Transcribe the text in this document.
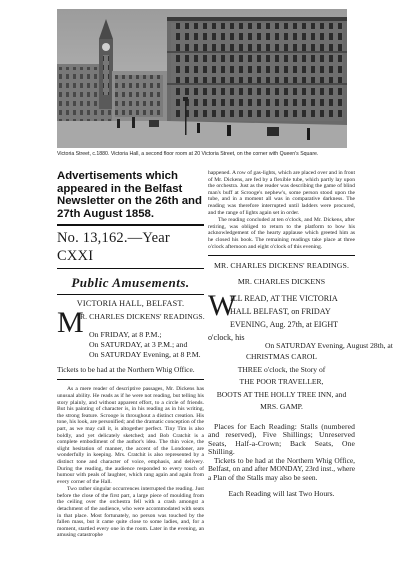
Victoria Street, c.1880. Victoria Hall, a second floor room at 20 Victoria Street, on the corner with Queen's Square.

Advertisements which appeared in the Belfast Newsletter on the 26th and 27th August 1858.

No. 13,162.—Year CXXI
Public Amusements.
VICTORIA HALL, BELFAST.
M
R. CHARLES DICKENS' READINGS.
On FRIDAY, at 8 P.M.;
On SATURDAY, at 3 P.M.; and
On SATURDAY Evening, at 8 P.M.
Tickets to be had at the Northern Whig Office.

As a mere reader of descriptive passages, Mr. Dickens has unusual ability. He reads as if he were not reading, but telling his story plainly, and without apparent effort, to a circle of friends. But his painting of character is, in his reading as in his writing, the strong feature. Scrooge is throughout a distinct creation. His tone, his look, are personified; and the dramatic conception of the part, as we may call it, is altogether perfect. Tiny Tim is also boldly, and yet delicately sketched; and Bob Cratchit is a complete embodiment of the author's idea. The thin voice, the slight hesitation of manner, the accent of the Londoner, are wonderfully in keeping. Mrs. Cratchit is also represented by a distinct tone and character of voice, emphasis, and delivery. During the reading, the audience responded to every touch of humour with peals of laughter, which rang again and again from every corner of the Hall.

Two rather singular occurrences interrupted the reading. Just before the close of the first part, a large piece of moulding from the ceiling over the orchestra fell with a crash amongst a detachment of the audience, who were accommodated with seats in that place. Most fortunately, no person was touched by the fallen mass, but it came quite close to some ladies, and, for a moment, startled every one in the room. Later in the evening, an amusing catastrophe

happened. A row of gas-lights, which are placed over and in front of Mr. Dickens, are fed by a flexible tube, which partly lay upon the orchestra. Just as the reader was describing the game of blind man's buff at Scrooge's nephew's, some person stood upon the tube, and in a moment all was in comparative darkness. The reading was therefore interrupted until ladders were procured, and the range of lights again set in order.

The reading concluded at ten o'clock, and Mr. Dickens, after retiring, was obliged to return to the platform to bow his acknowledgement of the hearty applause which greeted him as he closed his book. The remaining readings take place at three o'clock afternoon and eight o'clock of this evening.

MR. CHARLES DICKENS' READINGS.
MR. CHARLES DICKENS
W
ILL READ, AT THE VICTORIA
HALL BELFAST, on FRIDAY
EVENING, Aug. 27th, at EIGHT
o'clock, his
CHRISTMAS CAROL
On SATURDAY Evening, August 28th, at
THREE o'clock, the Story of
THE POOR TRAVELLER,
BOOTS AT THE HOLLY TREE INN, and
MRS. GAMP.
Places for Each Reading: Stalls (numbered and reserved), Five Shillings; Unreserved Seats, Half-a-Crown; Back Seats, One Shilling.
Tickets to be had at the Northern Whig Office, Belfast, on and after MONDAY, 23rd inst., where a Plan of the Stalls may also be seen.
Each Reading will last Two Hours.
